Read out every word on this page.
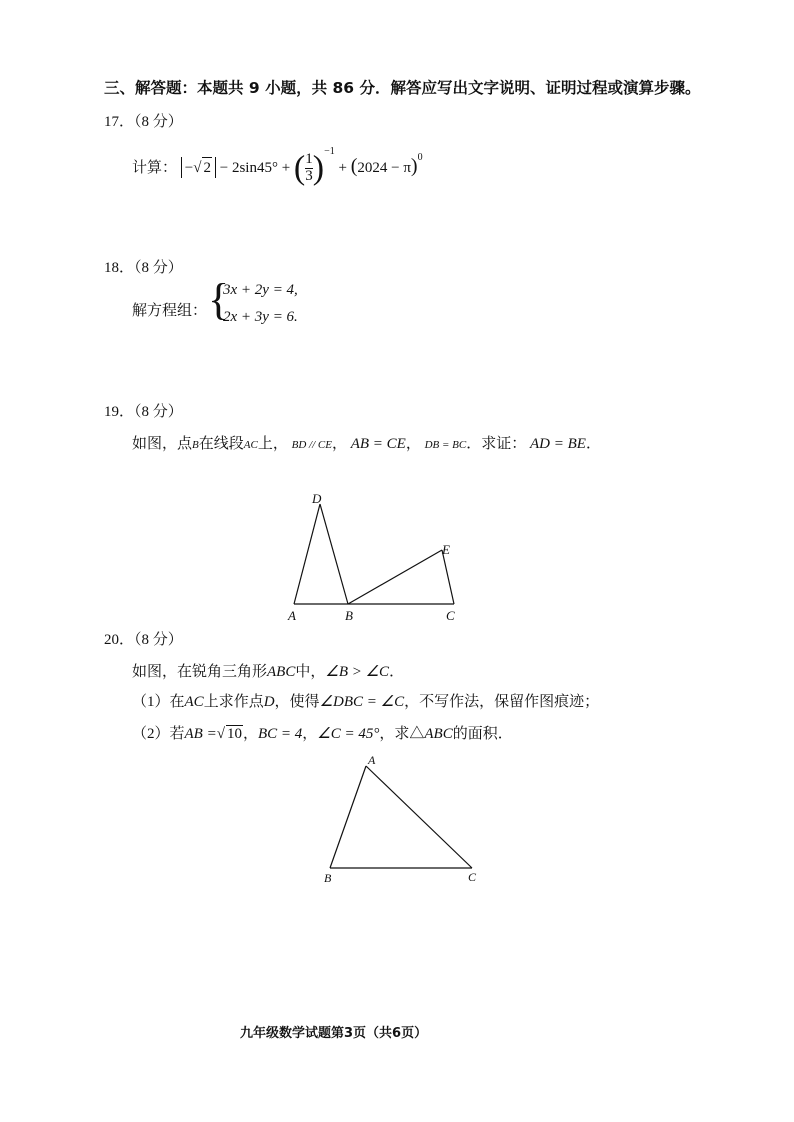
三、解答题：本题共 9 小题，共 86 分．解答应写出文字说明、证明过程或演算步骤。
17．（8 分）
计算： −√ 2 − 2sin45° + ( $\frac{1}{3} )^{-1} + (2024 - \pi)^0$
18．（8 分）
解方程组： {
3x + 2y = 4,
2x + 3y = 6.
19．（8 分）
如图，点B在线段AC上， BD // CE， AB = CE， DB = BC．求证： AD = BE．
D
E
A	B	C
20．（8 分）
如图，在锐角三角形ABC中，∠B > ∠C．
（1）在AC上求作点D，使得∠DBC = ∠C，不写作法，保留作图痕迹；
（2）若AB =√ 10，BC = 4，∠C = 45°，求△ABC的面积．
A
B	C
九年级数学试题第3页（共6页）
